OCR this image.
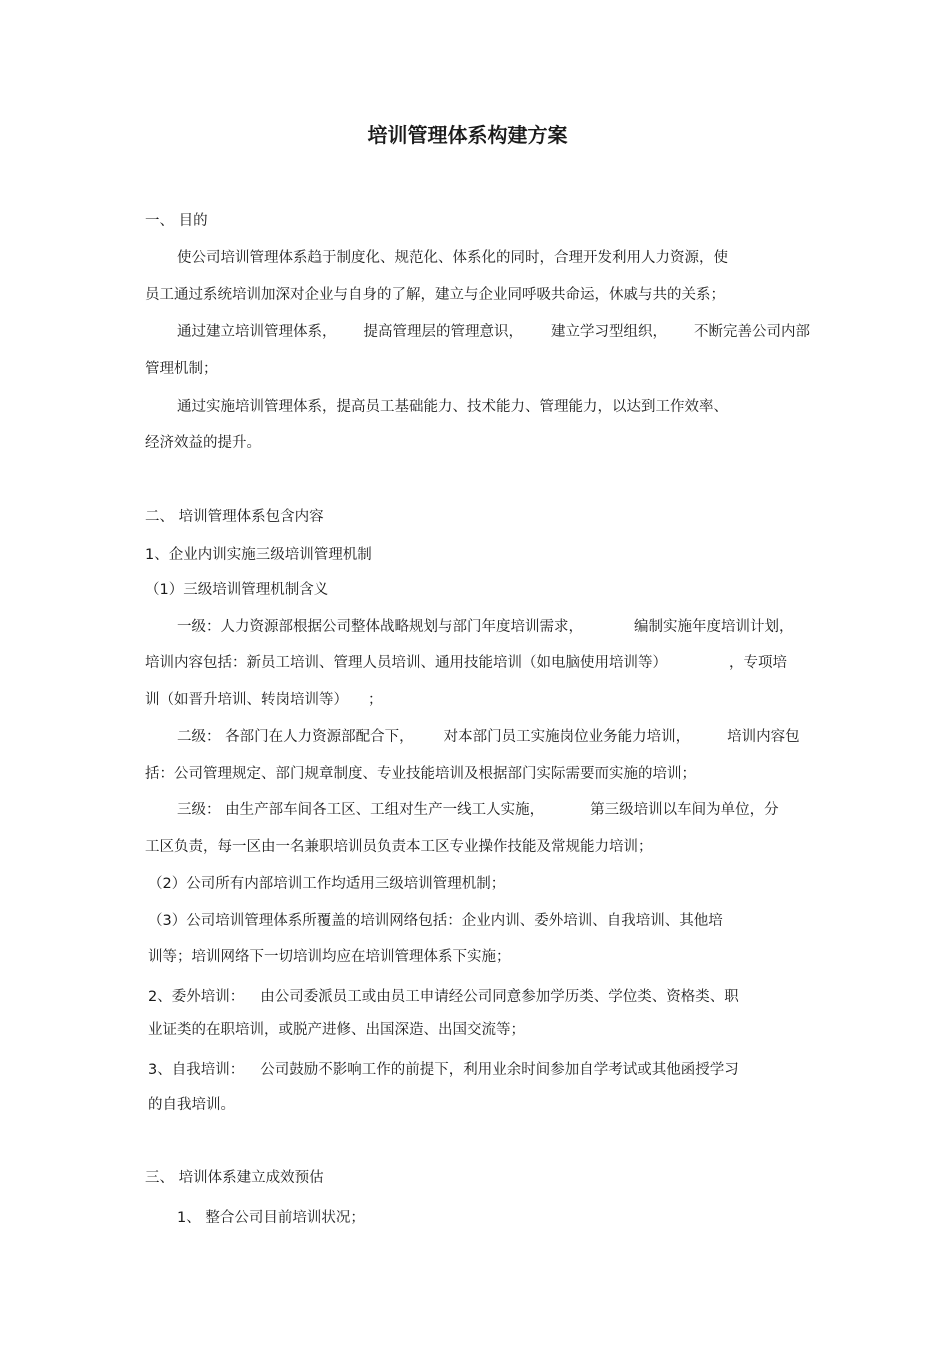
培训管理体系构建方案

一、 目的

使公司培训管理体系趋于制度化、规范化、体系化的同时，合理开发利用人力资源，使

员工通过系统培训加深对企业与自身的了解，建立与企业同呼吸共命运，休戚与共的关系；

通过建立培训管理体系， 提高管理层的管理意识， 建立学习型组织， 不断完善公司内部

管理机制；

通过实施培训管理体系，提高员工基础能力、技术能力、管理能力，以达到工作效率、

经济效益的提升。

二、 培训管理体系包含内容

1、企业内训实施三级培训管理机制

（1）三级培训管理机制含义

一级：人力资源部根据公司整体战略规划与部门年度培训需求，	编制实施年度培训计划，

培训内容包括：新员工培训、管理人员培训、通用技能培训（如电脑使用培训等）	，专项培

训（如晋升培训、转岗培训等） ；

二级： 各部门在人力资源部配合下， 对本部门员工实施岗位业务能力培训，	培训内容包

括：公司管理规定、部门规章制度、专业技能培训及根据部门实际需要而实施的培训；

三级： 由生产部车间各工区、工组对生产一线工人实施，	第三级培训以车间为单位，分

工区负责，每一区由一名兼职培训员负责本工区专业操作技能及常规能力培训；

（2）公司所有内部培训工作均适用三级培训管理机制；

（3）公司培训管理体系所覆盖的培训网络包括：企业内训、委外培训、自我培训、其他培

训等；培训网络下一切培训均应在培训管理体系下实施；

2、委外培训： 由公司委派员工或由员工申请经公司同意参加学历类、学位类、资格类、职

业证类的在职培训，或脱产进修、出国深造、出国交流等；

3、自我培训： 公司鼓励不影响工作的前提下，利用业余时间参加自学考试或其他函授学习

的自我培训。

三、 培训体系建立成效预估

1、 整合公司目前培训状况；
